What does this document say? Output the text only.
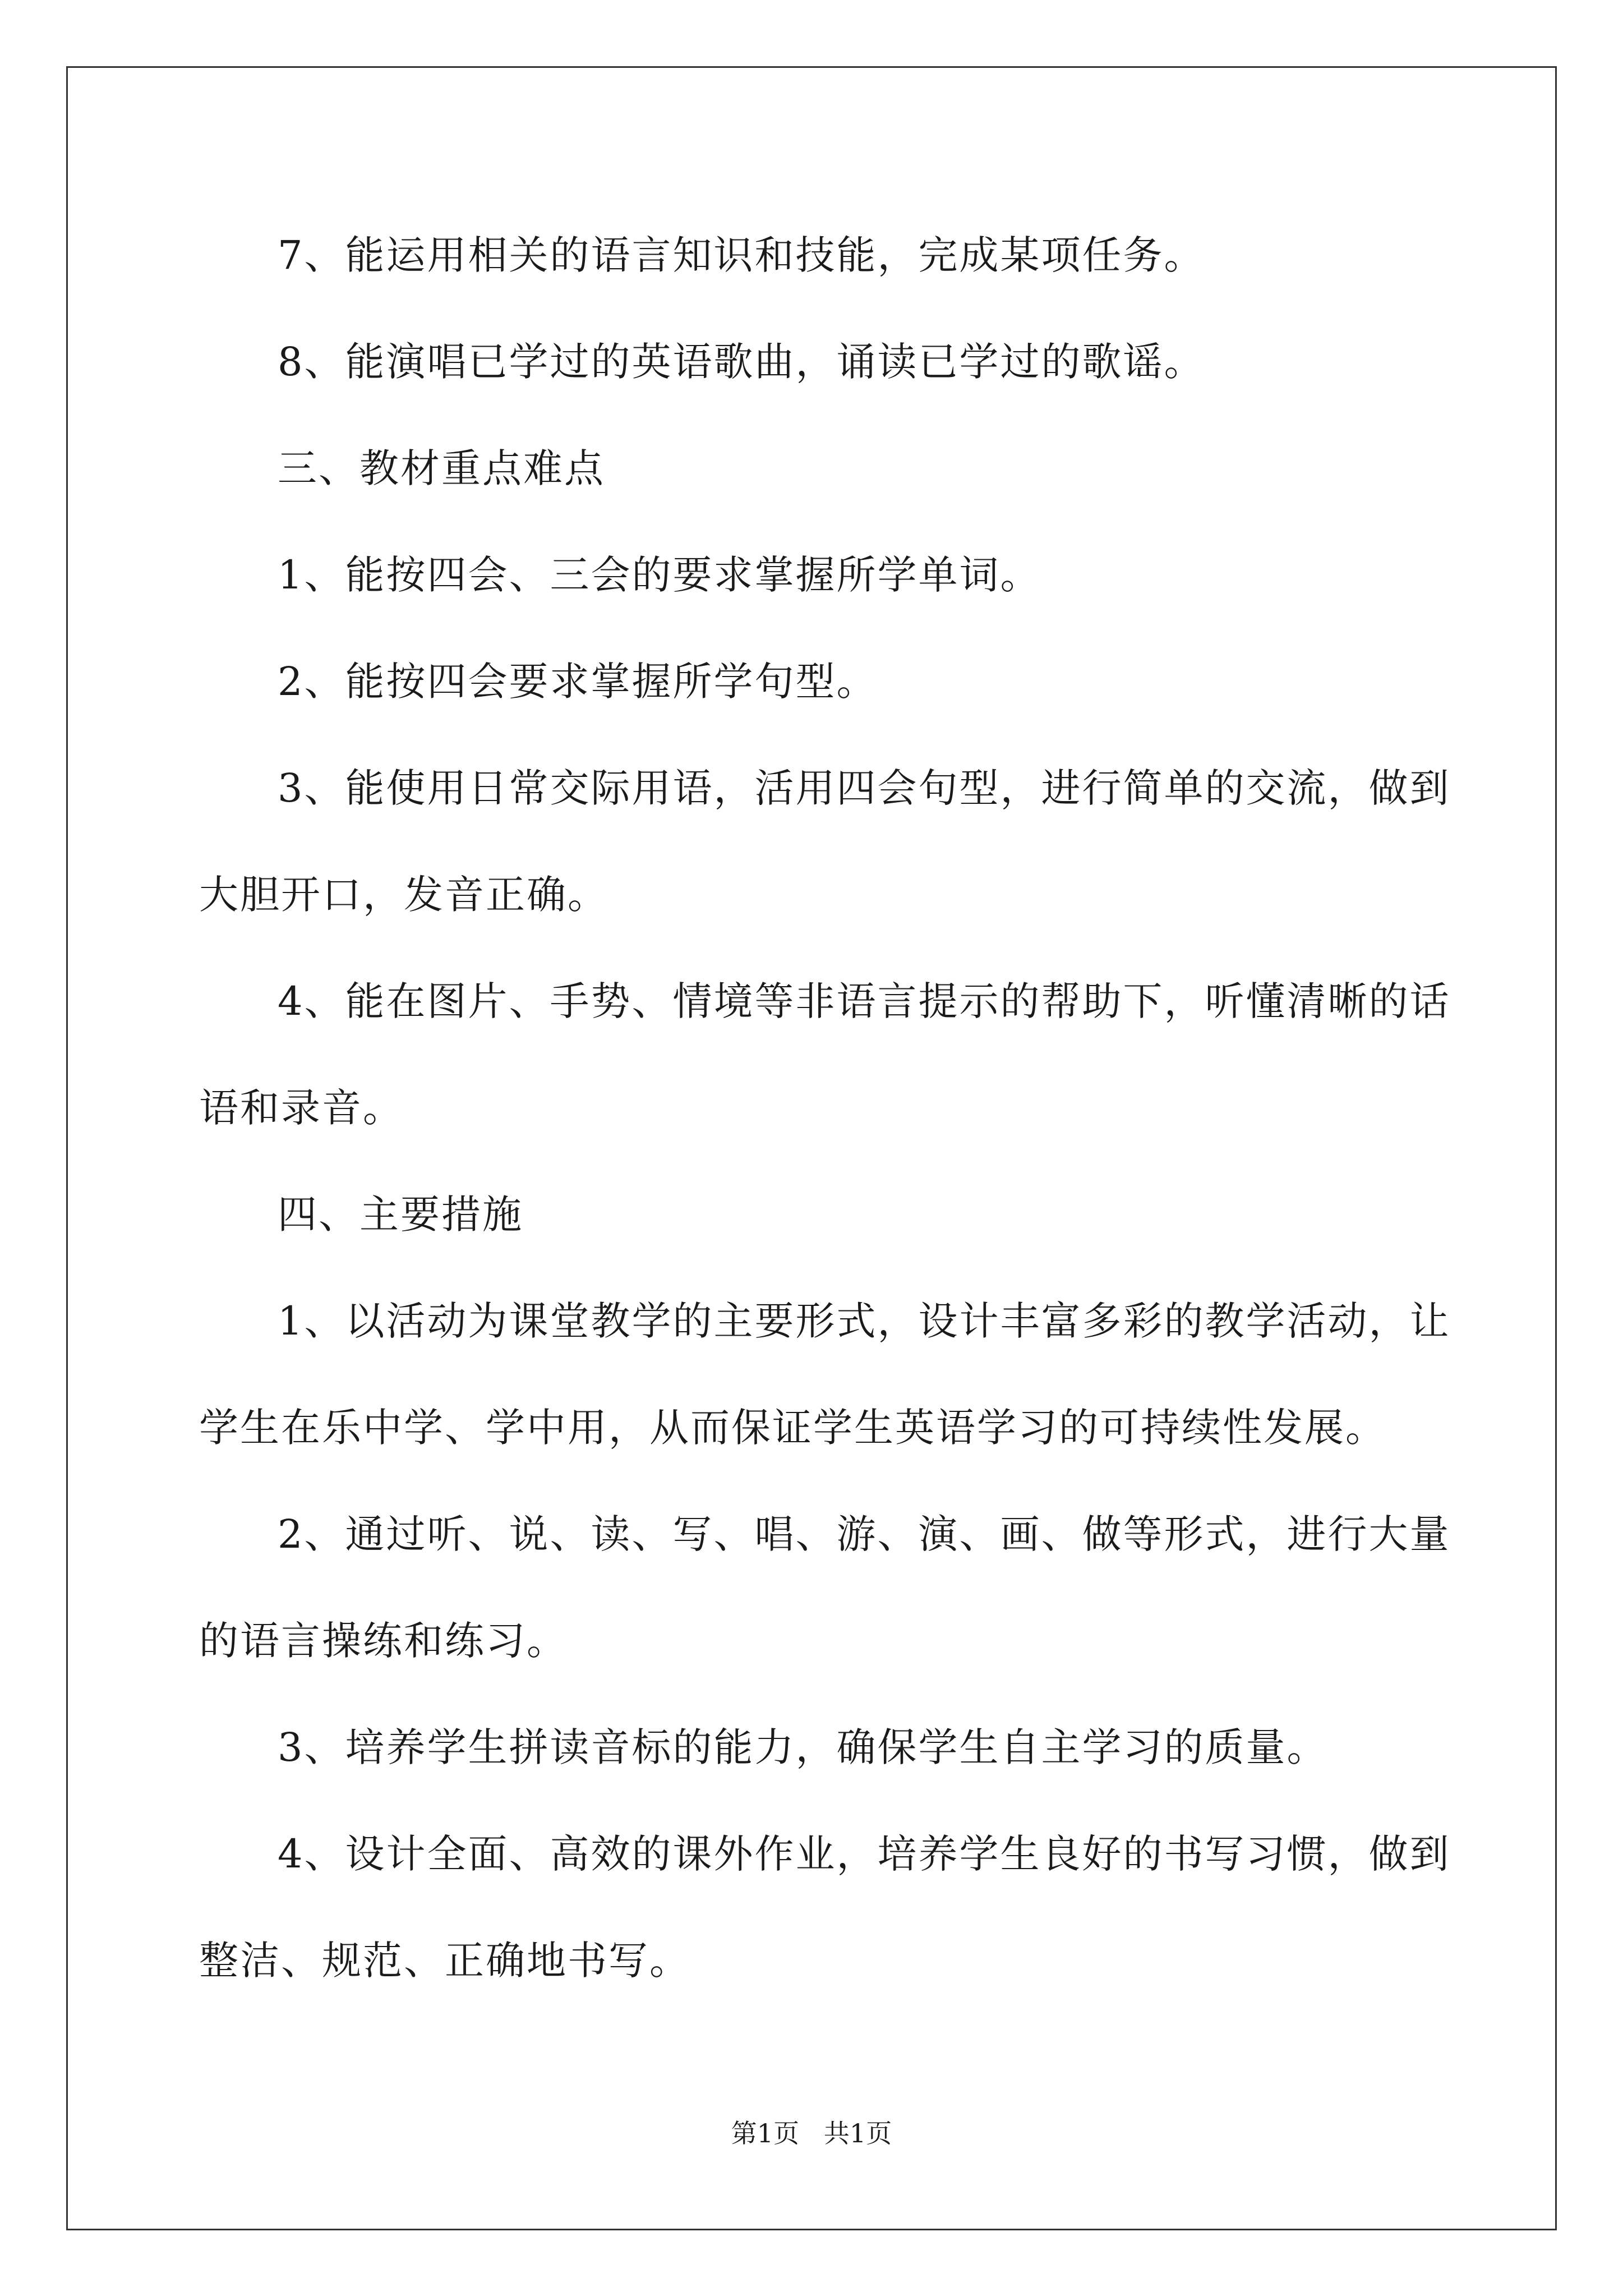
7、能运用相关的语言知识和技能，完成某项任务。
8、能演唱已学过的英语歌曲，诵读已学过的歌谣。
三、教材重点难点
1、能按四会、三会的要求掌握所学单词。
2、能按四会要求掌握所学句型。
3、能使用日常交际用语，活用四会句型，进行简单的交流，做到
大胆开口，发音正确。
4、能在图片、手势、情境等非语言提示的帮助下，听懂清晰的话
语和录音。
四、主要措施
1、以活动为课堂教学的主要形式，设计丰富多彩的教学活动，让
学生在乐中学、学中用，从而保证学生英语学习的可持续性发展。
2、通过听、说、读、写、唱、游、演、画、做等形式，进行大量
的语言操练和练习。
3、培养学生拼读音标的能力，确保学生自主学习的质量。
4、设计全面、高效的课外作业，培养学生良好的书写习惯，做到
整洁、规范、正确地书写。
第1页   共1页
